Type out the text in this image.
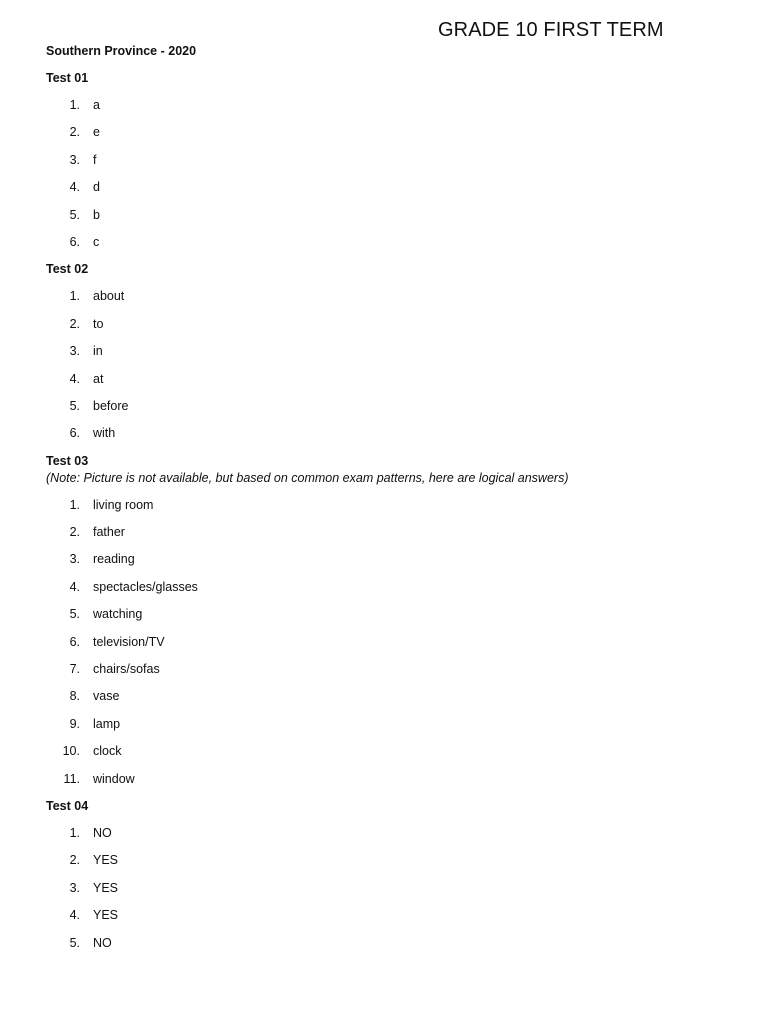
GRADE 10 FIRST TERM
Southern Province - 2020
Test 01
1. a
2. e
3. f
4. d
5. b
6. c
Test 02
1. about
2. to
3. in
4. at
5. before
6. with
Test 03
(Note: Picture is not available, but based on common exam patterns, here are logical answers)
1. living room
2. father
3. reading
4. spectacles/glasses
5. watching
6. television/TV
7. chairs/sofas
8. vase
9. lamp
10. clock
11. window
Test 04
1. NO
2. YES
3. YES
4. YES
5. NO
